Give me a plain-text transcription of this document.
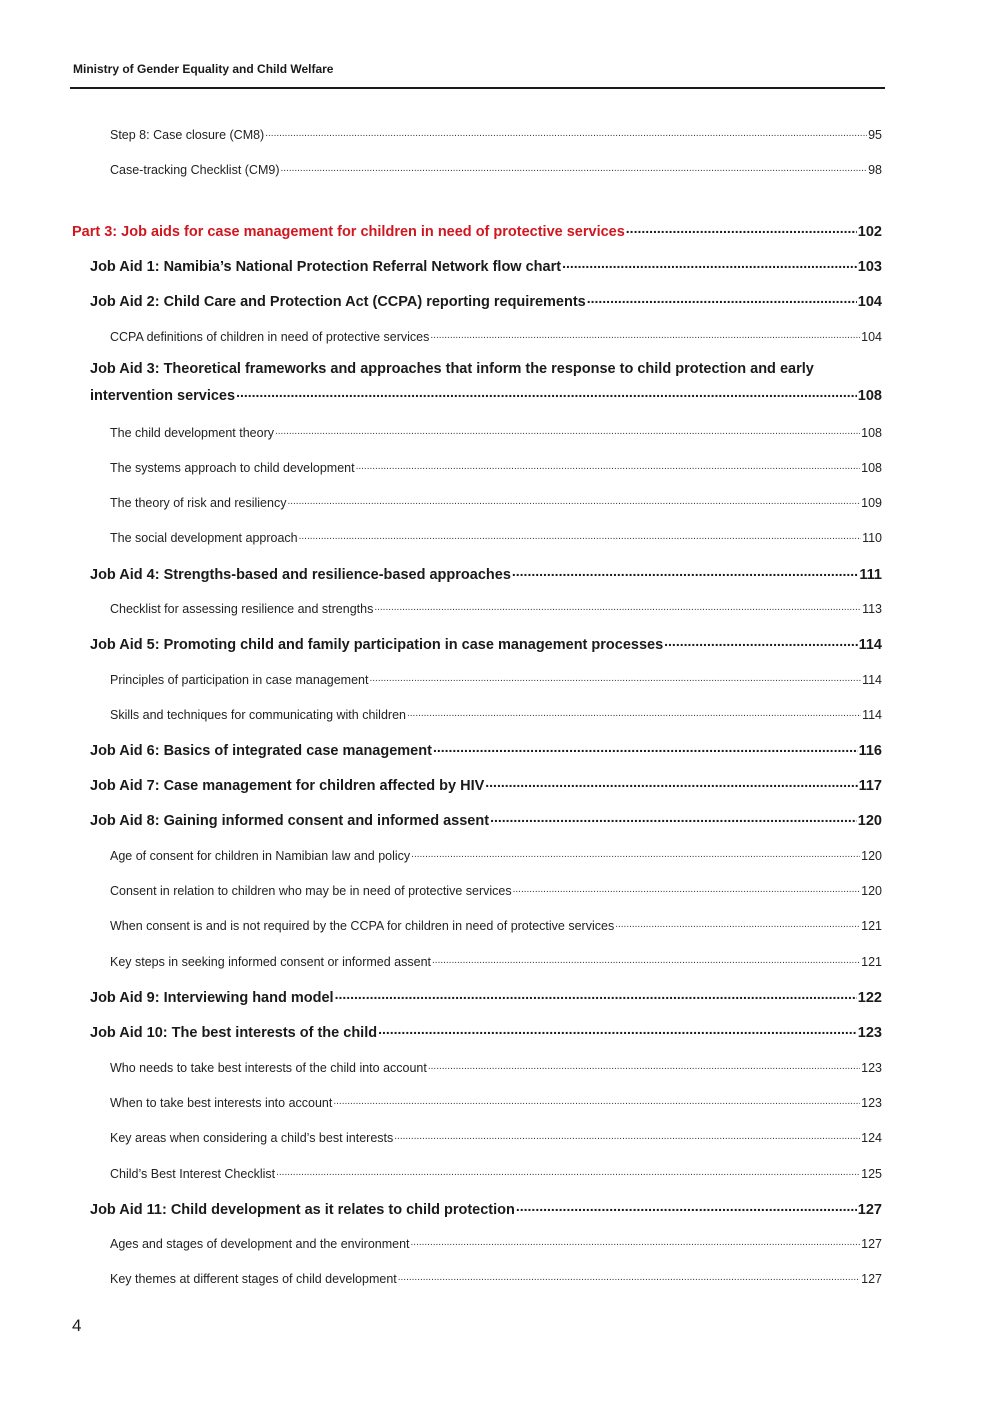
Ministry of Gender Equality and Child Welfare
Step 8: Case closure (CM8) .....	95
Case-tracking Checklist (CM9) .....	98
Part 3: Job aids for case management for children in need of protective services .....	102
Job Aid 1: Namibia’s National Protection Referral Network flow chart .....	103
Job Aid 2: Child Care and Protection Act (CCPA) reporting requirements .....	104
CCPA definitions of children in need of protective services .....	104
Job Aid 3: Theoretical frameworks and approaches that inform the response to child protection and early
intervention services .....	108
The child development theory .....	108
The systems approach to child development .....	108
The theory of risk and resiliency .....	109
The social development approach .....	110
Job Aid 4: Strengths-based and resilience-based approaches .....	111
Checklist for assessing resilience and strengths .....	113
Job Aid 5: Promoting child and family participation in case management processes .....	114
Principles of participation in case management .....	114
Skills and techniques for communicating with children .....	114
Job Aid 6: Basics of integrated case management .....	116
Job Aid 7: Case management for children affected by HIV .....	117
Job Aid 8: Gaining informed consent and informed assent .....	120
Age of consent for children in Namibian law and policy .....	120
Consent in relation to children who may be in need of protective services .....	120
When consent is and is not required by the CCPA for children in need of protective services .....	121
Key steps in seeking informed consent or informed assent .....	121
Job Aid 9: Interviewing hand model .....	122
Job Aid 10: The best interests of the child .....	123
Who needs to take best interests of the child into account .....	123
When to take best interests into account .....	123
Key areas when considering a child’s best interests .....	124
Child’s Best Interest Checklist .....	125
Job Aid 11: Child development as it relates to child protection .....	127
Ages and stages of development and the environment .....	127
Key themes at different stages of child development .....	127
4
